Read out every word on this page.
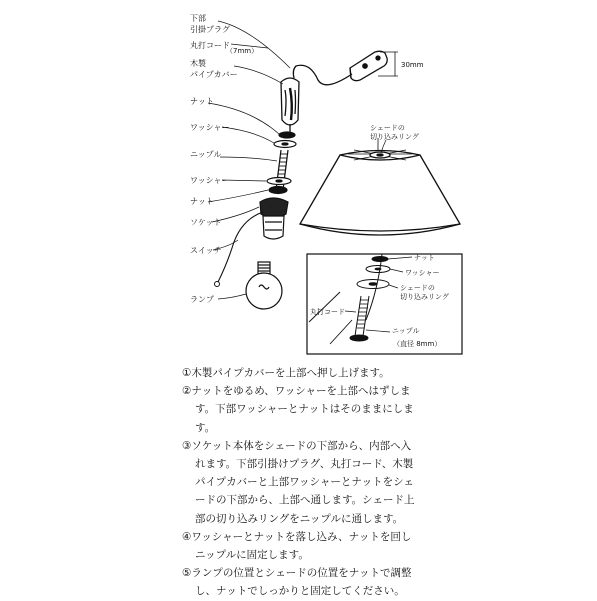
30mm
下部
引掛プラグ
丸打コード
（7mm）
木製
パイプカバー
ナット
ワッシャー
ニップル
ワッシャー
ナット
ソケット
スイッチ
ランプ
シェードの
切り込みリング
ナット
ワッシャー
シェードの
切り込みリング
丸打コード
ニップル
（直径 8mm）

①木製パイプカバーを上部へ押し上げます。

②ナットをゆるめ、ワッシャーを上部へはずします。下部ワッシャーとナットはそのままにします。

③ソケット本体をシェードの下部から、内部へ入
れます。下部引掛けプラグ、丸打コード、木製
パイプカバーと上部ワッシャーとナットをシェ
ードの下部から、上部へ通します。シェード上
部の切り込みリングをニップルに通します。

④ワッシャーとナットを落し込み、ナットを回し
ニップルに固定します。

⑤ランプの位置とシェードの位置をナットで調整
し、ナットでしっかりと固定してください。
